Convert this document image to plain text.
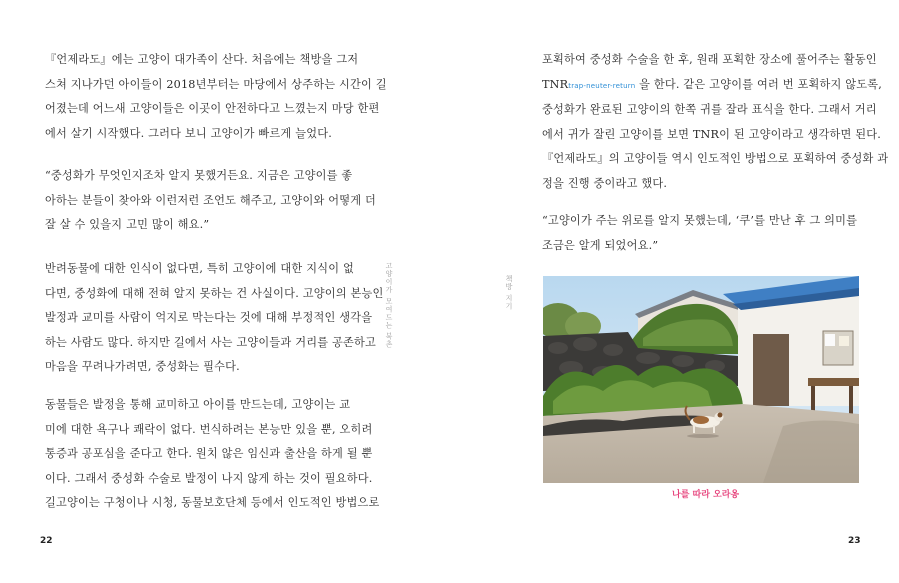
『언제라도』에는 고양이 대가족이 산다. 처음에는 책방을 그저
스쳐 지나가던 아이들이 2018년부터는 마당에서 상주하는 시간이 길
어졌는데 어느새 고양이들은 이곳이 안전하다고 느꼈는지 마당 한편
에서 살기 시작했다. 그러다 보니 고양이가 빠르게 늘었다.

“중성화가 무엇인지조차 알지 못했거든요. 지금은 고양이를 좋
아하는 분들이 찾아와 이런저런 조언도 해주고, 고양이와 어떻게 더
잘 살 수 있을지 고민 많이 해요.”

반려동물에 대한 인식이 없다면, 특히 고양이에 대한 지식이 없
다면, 중성화에 대해 전혀 알지 못하는 건 사실이다. 고양이의 본능인
발정과 교미를 사람이 억지로 막는다는 것에 대해 부정적인 생각을
하는 사람도 많다. 하지만 길에서 사는 고양이들과 거리를 공존하고
마음을 꾸려나가려면, 중성화는 필수다.

동물들은 발정을 통해 교미하고 아이를 만드는데, 고양이는 교
미에 대한 욕구나 쾌락이 없다. 번식하려는 본능만 있을 뿐, 오히려
통증과 공포심을 준다고 한다. 원치 않은 임신과 출산을 하게 될 뿐
이다. 그래서 중성화 수술로 발정이 나지 않게 하는 것이 필요하다.
길고양이는 구청이나 시청, 동물보호단체 등에서 인도적인 방법으로

고양이가 모여드는 북촌
22
책방 지기

포획하여 중성화 수술을 한 후, 원래 포획한 장소에 풀어주는 활동인
TNRtrap-neuter-return 을 한다. 같은 고양이를 여러 번 포획하지 않도록,
중성화가 완료된 고양이의 한쪽 귀를 잘라 표식을 한다. 그래서 거리
에서 귀가 잘린 고양이를 보면 TNR이 된 고양이라고 생각하면 된다.
『언제라도』의 고양이들 역시 인도적인 방법으로 포획하여 중성화 과
정을 진행 중이라고 했다.

“고양이가 주는 위로를 알지 못했는데, ‘쿠’를 만난 후 그 의미를
조금은 알게 되었어요.”

23
나를 따라 오라옹
